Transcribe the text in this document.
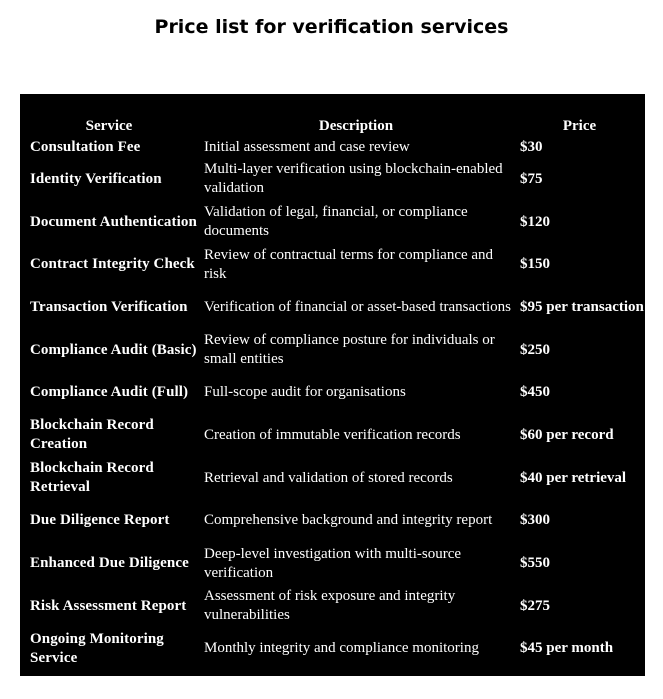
Price list for verification services
Service	Description	Price
Consultation Fee	Initial assessment and case review	$30
Identity Verification	Multi-layer verification using blockchain-enabled validation	$75
Document Authentication	Validation of legal, financial, or compliance documents	$120
Contract Integrity Check	Review of contractual terms for compliance and risk	$150
Transaction Verification	Verification of financial or asset-based transactions	$95 per transaction
Compliance Audit (Basic)	Review of compliance posture for individuals or small entities	$250
Compliance Audit (Full)	Full-scope audit for organisations	$450
Blockchain Record Creation	Creation of immutable verification records	$60 per record
Blockchain Record Retrieval	Retrieval and validation of stored records	$40 per retrieval
Due Diligence Report	Comprehensive background and integrity report	$300
Enhanced Due Diligence	Deep-level investigation with multi-source verification	$550
Risk Assessment Report	Assessment of risk exposure and integrity vulnerabilities	$275
Ongoing Monitoring Service	Monthly integrity and compliance monitoring	$45 per month
